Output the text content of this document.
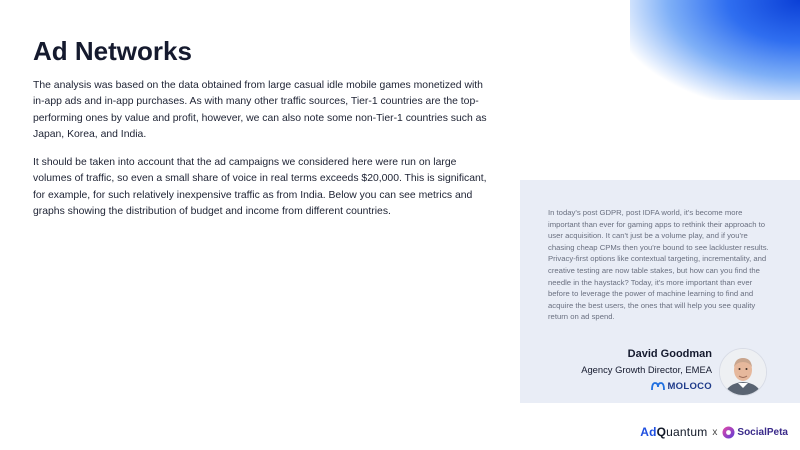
Ad Networks

The analysis was based on the data obtained from large casual idle mobile games monetized with in-app ads and in-app purchases. As with many other traffic sources, Tier-1 countries are the top-performing ones by value and profit, however, we can also note some non-Tier-1 countries such as Japan, Korea, and India.

It should be taken into account that the ad campaigns we considered here were run on large volumes of traffic, so even a small share of voice in real terms exceeds $20,000. This is significant, for example, for such relatively inexpensive traffic as from India. Below you can see metrics and graphs showing the distribution of budget and income from different countries.	In today's post GDPR, post IDFA world, it's become more important than ever for gaming apps to rethink their approach to user acquisition. It can't just be a volume play, and if you're chasing cheap CPMs then you're bound to see lackluster results. Privacy-first options like contextual targeting, incrementality, and creative testing are now table stakes, but how can you find the needle in the haystack? Today, it's more important than ever before to leverage the power of machine learning to find and acquire the best users, the ones that will help you see quality return on ad spend.

David Goodman

Agency Growth Director, EMEA

MOLOCO
AdQuantum x SocialPeta
